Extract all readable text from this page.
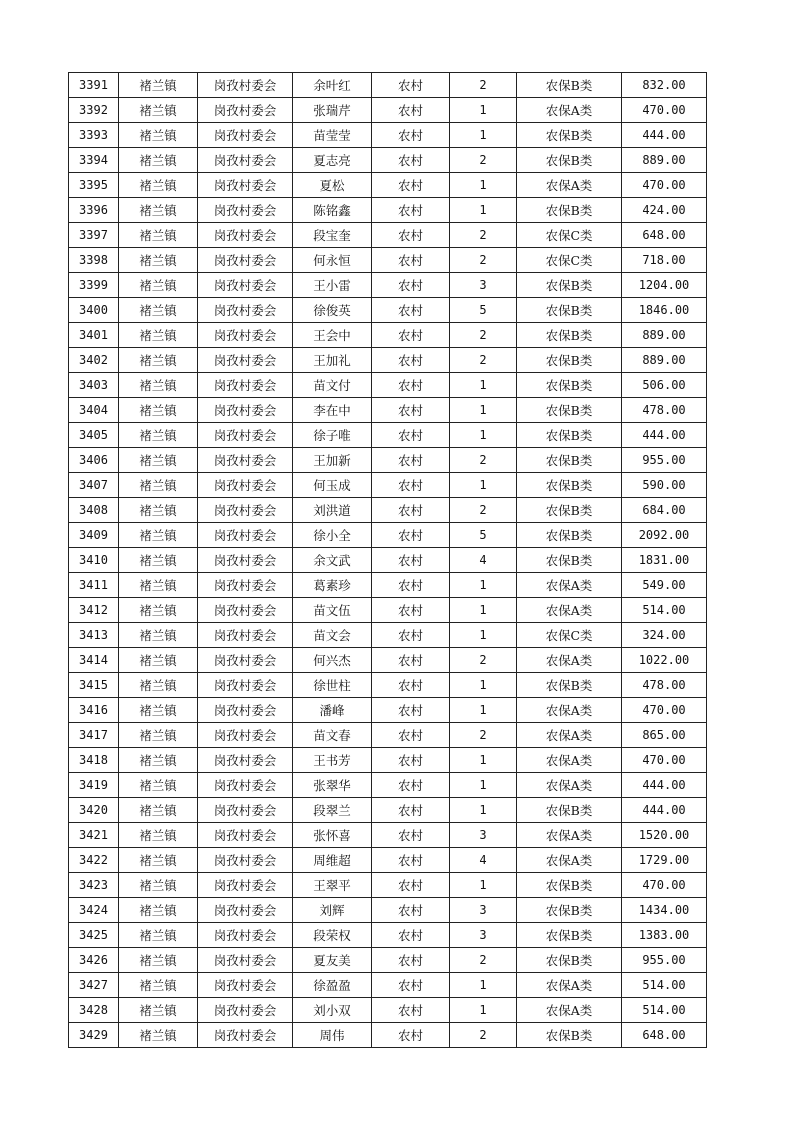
3391	褚兰镇	岗孜村委会	余叶红	农村	2	农保B类	832.00
3392	褚兰镇	岗孜村委会	张瑞芹	农村	1	农保A类	470.00
3393	褚兰镇	岗孜村委会	苗莹莹	农村	1	农保B类	444.00
3394	褚兰镇	岗孜村委会	夏志亮	农村	2	农保B类	889.00
3395	褚兰镇	岗孜村委会	夏松	农村	1	农保A类	470.00
3396	褚兰镇	岗孜村委会	陈铭鑫	农村	1	农保B类	424.00
3397	褚兰镇	岗孜村委会	段宝奎	农村	2	农保C类	648.00
3398	褚兰镇	岗孜村委会	何永恒	农村	2	农保C类	718.00
3399	褚兰镇	岗孜村委会	王小雷	农村	3	农保B类	1204.00
3400	褚兰镇	岗孜村委会	徐俊英	农村	5	农保B类	1846.00
3401	褚兰镇	岗孜村委会	王会中	农村	2	农保B类	889.00
3402	褚兰镇	岗孜村委会	王加礼	农村	2	农保B类	889.00
3403	褚兰镇	岗孜村委会	苗文付	农村	1	农保B类	506.00
3404	褚兰镇	岗孜村委会	李在中	农村	1	农保B类	478.00
3405	褚兰镇	岗孜村委会	徐子唯	农村	1	农保B类	444.00
3406	褚兰镇	岗孜村委会	王加新	农村	2	农保B类	955.00
3407	褚兰镇	岗孜村委会	何玉成	农村	1	农保B类	590.00
3408	褚兰镇	岗孜村委会	刘洪道	农村	2	农保B类	684.00
3409	褚兰镇	岗孜村委会	徐小全	农村	5	农保B类	2092.00
3410	褚兰镇	岗孜村委会	余文武	农村	4	农保B类	1831.00
3411	褚兰镇	岗孜村委会	葛素珍	农村	1	农保A类	549.00
3412	褚兰镇	岗孜村委会	苗文伍	农村	1	农保A类	514.00
3413	褚兰镇	岗孜村委会	苗文会	农村	1	农保C类	324.00
3414	褚兰镇	岗孜村委会	何兴杰	农村	2	农保A类	1022.00
3415	褚兰镇	岗孜村委会	徐世柱	农村	1	农保B类	478.00
3416	褚兰镇	岗孜村委会	潘峰	农村	1	农保A类	470.00
3417	褚兰镇	岗孜村委会	苗文春	农村	2	农保A类	865.00
3418	褚兰镇	岗孜村委会	王书芳	农村	1	农保A类	470.00
3419	褚兰镇	岗孜村委会	张翠华	农村	1	农保A类	444.00
3420	褚兰镇	岗孜村委会	段翠兰	农村	1	农保B类	444.00
3421	褚兰镇	岗孜村委会	张怀喜	农村	3	农保A类	1520.00
3422	褚兰镇	岗孜村委会	周维超	农村	4	农保A类	1729.00
3423	褚兰镇	岗孜村委会	王翠平	农村	1	农保B类	470.00
3424	褚兰镇	岗孜村委会	刘辉	农村	3	农保B类	1434.00
3425	褚兰镇	岗孜村委会	段荣权	农村	3	农保B类	1383.00
3426	褚兰镇	岗孜村委会	夏友美	农村	2	农保B类	955.00
3427	褚兰镇	岗孜村委会	徐盈盈	农村	1	农保A类	514.00
3428	褚兰镇	岗孜村委会	刘小双	农村	1	农保A类	514.00
3429	褚兰镇	岗孜村委会	周伟	农村	2	农保B类	648.00
